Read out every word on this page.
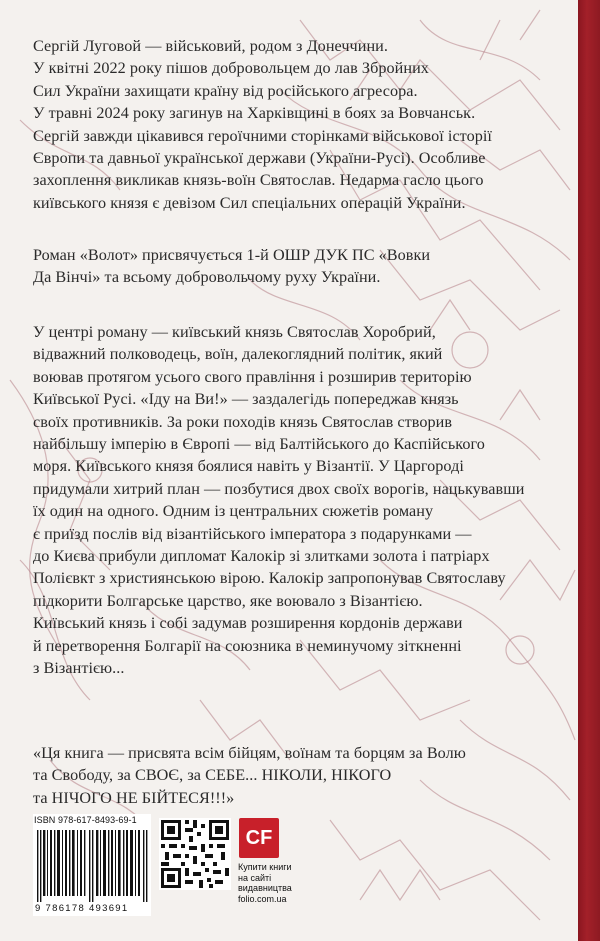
Сергій Луговой — військовий, родом з Донеччини.
У квітні 2022 року пішов добровольцем до лав Збройних
Сил України захищати країну від російського агресора.
У травні 2024 року загинув на Харківщині в боях за Вовчанськ.
Сергій завжди цікавився героїчними сторінками військової історії
Європи та давньої української держави (України-Русі). Особливе
захоплення викликав князь-воїн Святослав. Недарма гасло цього
київського князя є девізом Сил спеціальних операцій України.
Роман «Волот» присвячується 1-й ОШР ДУК ПС «Вовки
Да Вінчі» та всьому добровольчому руху України.
У центрі роману — київський князь Святослав Хоробрий,
відважний полководець, воїн, далекоглядний політик, який
воював протягом усього свого правління і розширив територію
Київської Русі. «Іду на Ви!» — заздалегідь попереджав князь
своїх противників. За роки походів князь Святослав створив
найбільшу імперію в Європі — від Балтійського до Каспійського
моря. Київського князя боялися навіть у Візантії. У Царгороді
придумали хитрий план — позбутися двох своїх ворогів, нацькувавши
їх один на одного. Одним із центральних сюжетів роману
є приїзд послів від візантійського імператора з подарунками —
до Києва прибули дипломат Калокір зі злитками золота і патріарх
Полієвкт з християнською вірою. Калокір запропонував Святославу
підкорити Болгарське царство, яке воювало з Візантією.
Київський князь і собі задумав розширення кордонів держави
й перетворення Болгарії на союзника в неминучому зіткненні
з Візантією...
«Ця книга — присвята всім бійцям, воїнам та борцям за Волю
та Свободу, за СВОЄ, за СЕБЕ... НІКОЛИ, НІКОГО
та НІЧОГО НЕ БІЙТЕСЯ!!!»
ISBN 978-617-8493-69-1
9 786178 493691
CF
Купити книги
на сайті
видавництва
folio.com.ua
